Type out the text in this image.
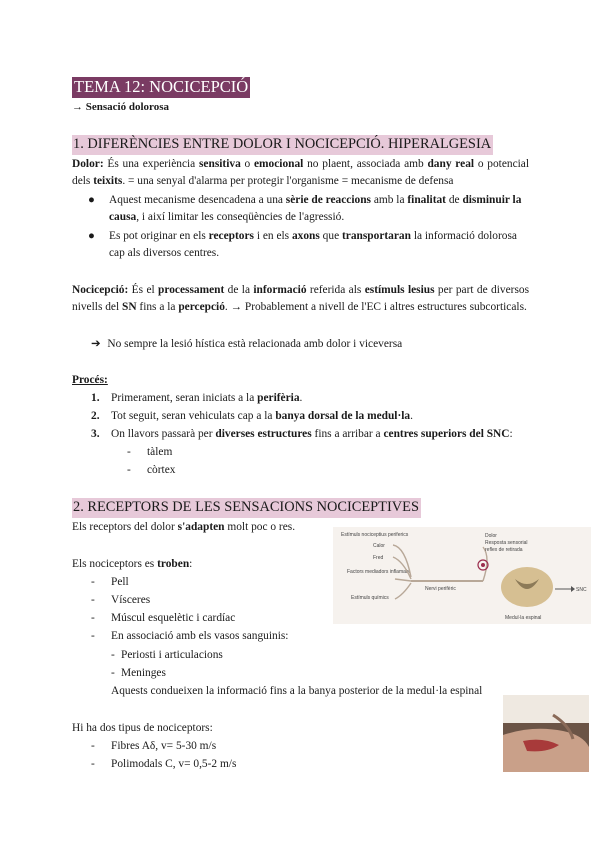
TEMA 12: NOCICEPCIÓ
→ Sensació dolorosa
1. DIFERÈNCIES ENTRE DOLOR I NOCICEPCIÓ. HIPERALGESIA
Dolor: És una experiència sensitiva o emocional no plaent, associada amb dany real o potencial dels teixits. = una senyal d'alarma per protegir l'organisme = mecanisme de defensa
● Aquest mecanisme desencadena a una sèrie de reaccions amb la finalitat de disminuir la causa, i així limitar les conseqüències de l'agressió.
● Es pot originar en els receptors i en els axons que transportaran la informació dolorosa cap als diversos centres.
Nocicepció: És el processament de la informació referida als estímuls lesius per part de diversos nivells del SN fins a la percepció. → Probablement a nivell de l'EC i altres estructures subcorticals.
➔ No sempre la lesió hística està relacionada amb dolor i viceversa
Procés:
1. Primerament, seran iniciats a la perifèria.
2. Tot seguit, seran vehiculats cap a la banya dorsal de la medul·la.
3. On llavors passarà per diverses estructures fins a arribar a centres superiors del SNC:
- tàlem
- còrtex
2. RECEPTORS DE LES SENSACIONS NOCICEPTIVES
Els receptors del dolor s'adapten molt poc o res.
Els nociceptors es troben:
- Pell
- Vísceres
- Múscul esquelètic i cardíac
- En associació amb els vasos sanguinis:
- Periosti i articulacions
- Meninges
Aquests condueixen la informació fins a la banya posterior de la medul·la espinal
Hi ha dos tipus de nociceptors:
- Fibres Aδ, v= 5-30 m/s
- Polimodals C, v= 0,5-2 m/s
Estímuls nociceptius periferics
Calor
Fred
Factors mediadors inflamats
Estímuls químics
Nervi perifèric	SNC
Dolor
Resposta sensorial
reflex de retirada
Medul·la espinal
